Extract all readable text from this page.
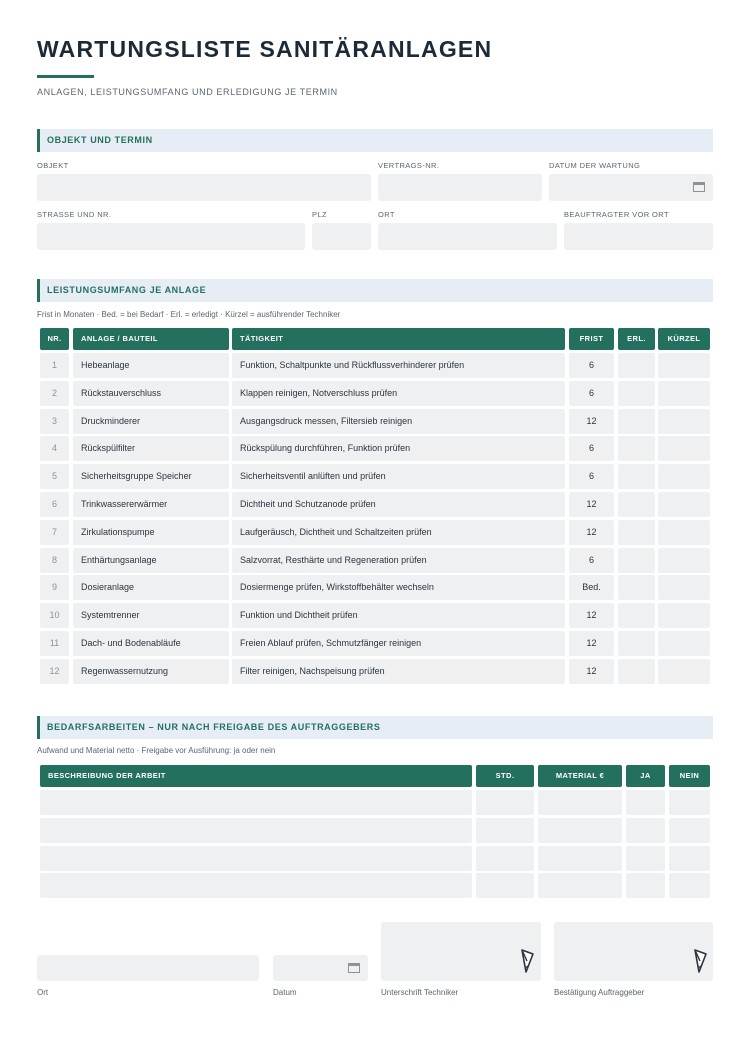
WARTUNGSLISTE SANITÄRANLAGEN
ANLAGEN, LEISTUNGSUMFANG UND ERLEDIGUNG JE TERMIN
OBJEKT UND TERMIN
OBJEKT	VERTRAGS-NR.	DATUM DER WARTUNG
STRASSE UND NR.	PLZ	ORT	BEAUFTRAGTER VOR ORT
LEISTUNGSUMFANG JE ANLAGE
Frist in Monaten · Bed. = bei Bedarf · Erl. = erledigt · Kürzel = ausführender Techniker
NR.	ANLAGE / BAUTEIL	TÄTIGKEIT	FRIST	ERL.	KÜRZEL
1	Hebeanlage	Funktion, Schaltpunkte und Rückflussverhinderer prüfen	6
2	Rückstauverschluss	Klappen reinigen, Notverschluss prüfen	6
3	Druckminderer	Ausgangsdruck messen, Filtersieb reinigen	12
4	Rückspülfilter	Rückspülung durchführen, Funktion prüfen	6
5	Sicherheitsgruppe Speicher	Sicherheitsventil anlüften und prüfen	6
6	Trinkwassererwärmer	Dichtheit und Schutzanode prüfen	12
7	Zirkulationspumpe	Laufgeräusch, Dichtheit und Schaltzeiten prüfen	12
8	Enthärtungsanlage	Salzvorrat, Resthärte und Regeneration prüfen	6
9	Dosieranlage	Dosiermenge prüfen, Wirkstoffbehälter wechseln	Bed.
10	Systemtrenner	Funktion und Dichtheit prüfen	12
11	Dach- und Bodenabläufe	Freien Ablauf prüfen, Schmutzfänger reinigen	12
12	Regenwassernutzung	Filter reinigen, Nachspeisung prüfen	12
BEDARFSARBEITEN – NUR NACH FREIGABE DES AUFTRAGGEBERS
Aufwand und Material netto · Freigabe vor Ausführung: ja oder nein
BESCHREIBUNG DER ARBEIT	STD.	MATERIAL €	JA	NEIN
Ort	Datum	Unterschrift Techniker	Bestätigung Auftraggeber
